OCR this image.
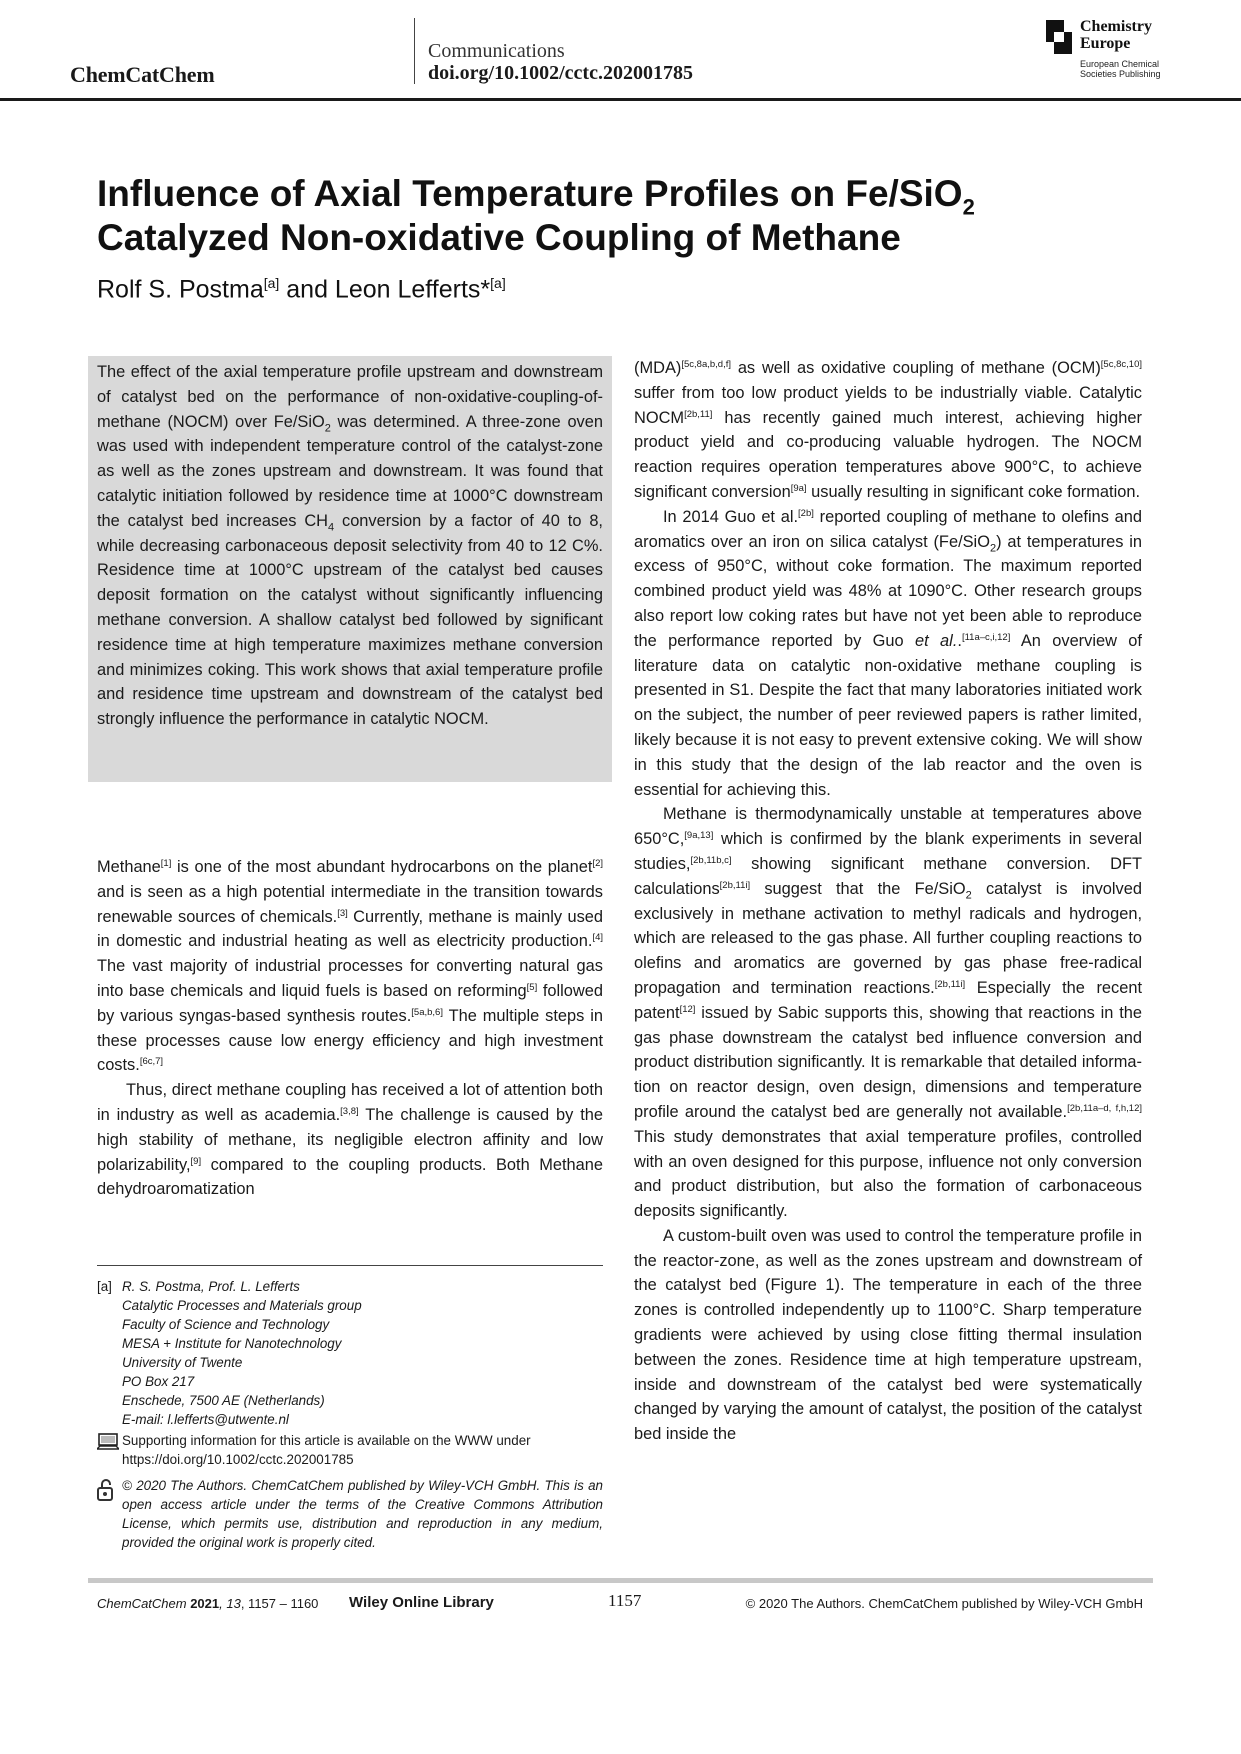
ChemCatChem
Communications
doi.org/10.1002/cctc.202001785
Chemistry
Europe
European Chemical
Societies Publishing
Influence of Axial Temperature Profiles on Fe/SiO$_2$
Catalyzed Non-oxidative Coupling of Methane
Rolf S. Postma[a] and Leon Lefferts*[a]
The effect of the axial temperature profile upstream and downstream of catalyst bed on the performance of non-oxidative-coupling-of-methane (NOCM) over Fe/SiO$_2$ was determined. A three-zone oven was used with independent temperature control of the catalyst-zone as well as the zones upstream and downstream. It was found that catalytic initiation followed by residence time at 1000°C downstream the catalyst bed increases $CH_4$ conversion by a factor of 40 to 8, while decreasing carbonaceous deposit selectivity from 40 to 12 C%. Residence time at 1000°C upstream of the catalyst bed causes deposit formation on the catalyst without significantly influencing methane conversion. A shallow catalyst bed followed by significant residence time at high temperature maximizes methane conversion and minimizes coking. This work shows that axial temperature profile and residence time upstream and downstream of the catalyst bed strongly influence the performance in catalytic NOCM.

Methane[1] is one of the most abundant hydrocarbons on the planet[2] and is seen as a high potential intermediate in the transition towards renewable sources of chemicals.[3] Currently, methane is mainly used in domestic and industrial heating as well as electricity production.[4] The vast majority of industrial processes for converting natural gas into base chemicals and liquid fuels is based on reforming[5] followed by various syngas-based synthesis routes.[5a,b,6] The multiple steps in these processes cause low energy efficiency and high investment costs.[6c,7]

Thus, direct methane coupling has received a lot of attention both in industry as well as academia.[3,8] The challenge is caused by the high stability of methane, its negligible electron affinity and low polarizability,[9] compared to the coupling products. Both Methane dehydroaromatization

(MDA)[5c,8a,b,d,f] as well as oxidative coupling of methane (OCM)[5c,8c,10] suffer from too low product yields to be industrially viable. Catalytic NOCM[2b,11] has recently gained much interest, achieving higher product yield and co-producing valuable hydrogen. The NOCM reaction requires operation temperatures above 900°C, to achieve significant conversion[9a] usually resulting in significant coke formation.

In 2014 Guo et al.[2b] reported coupling of methane to olefins and aromatics over an iron on silica catalyst (Fe/SiO$_2$) at temperatures in excess of 950°C, without coke formation. The maximum reported combined product yield was 48% at 1090°C. Other research groups also report low coking rates but have not yet been able to reproduce the performance reported by Guo et al..[11a–c,i,12] An overview of literature data on catalytic non-oxidative methane coupling is presented in S1. Despite the fact that many laboratories initiated work on the subject, the number of peer reviewed papers is rather limited, likely because it is not easy to prevent extensive coking. We will show in this study that the design of the lab reactor and the oven is essential for achieving this.

Methane is thermodynamically unstable at temperatures above 650°C,[9a,13] which is confirmed by the blank experiments in several studies,[2b,11b,c] showing significant methane conversion. DFT calculations[2b,11i] suggest that the Fe/SiO$_2$ catalyst is involved exclusively in methane activation to methyl radicals and hydrogen, which are released to the gas phase. All further coupling reactions to olefins and aromatics are governed by gas phase free-radical propagation and termination reactions.[2b,11i] Especially the recent patent[12] issued by Sabic supports this, showing that reactions in the gas phase downstream the catalyst bed influence conversion and product distribution significantly. It is remarkable that detailed information on reactor design, oven design, dimensions and temperature profile around the catalyst bed are generally not available.[2b,11a–d, f,h,12] This study demonstrates that axial temperature profiles, controlled with an oven designed for this purpose, influence not only conversion and product distribution, but also the formation of carbonaceous deposits significantly.

A custom-built oven was used to control the temperature profile in the reactor-zone, as well as the zones upstream and downstream of the catalyst bed (Figure 1). The temperature in each of the three zones is controlled independently up to 1100°C. Sharp temperature gradients were achieved by using close fitting thermal insulation between the zones. Residence time at high temperature upstream, inside and downstream of the catalyst bed were systematically changed by varying the amount of catalyst, the position of the catalyst bed inside the

[a] R. S. Postma, Prof. L. Lefferts
Catalytic Processes and Materials group
Faculty of Science and Technology
MESA + Institute for Nanotechnology
University of Twente
PO Box 217
Enschede, 7500 AE (Netherlands)
E-mail: l.lefferts@utwente.nl
Supporting information for this article is available on the WWW under
https://doi.org/10.1002/cctc.202001785
© 2020 The Authors. ChemCatChem published by Wiley-VCH GmbH. This is an open access article under the terms of the Creative Commons Attribution License, which permits use, distribution and reproduction in any medium, provided the original work is properly cited.
ChemCatChem 2021, 13, 1157 – 1160 Wiley Online Library	1157	© 2020 The Authors. ChemCatChem published by Wiley-VCH GmbH
